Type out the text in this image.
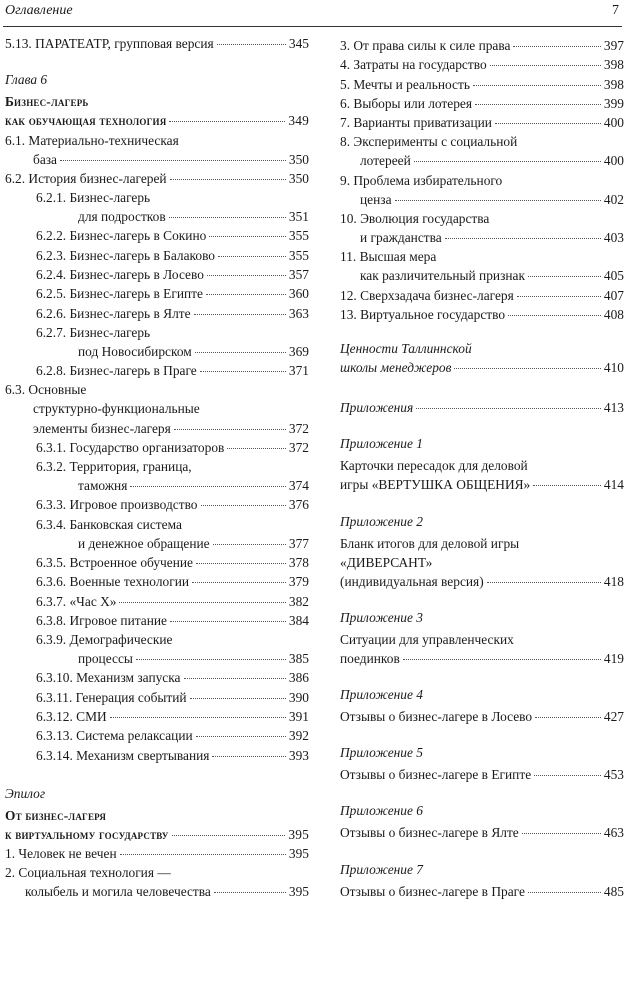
Оглавление	7
5.13. ПАРАТЕАТР, групповая версия	345
Глава 6
Бизнес-лагерь
как обучающая технология	349
6.1. Материально-техническая
база	350
6.2. История бизнес-лагерей	350
6.2.1. Бизнес-лагерь
для подростков	351
6.2.2. Бизнес-лагерь в Сокино	355
6.2.3. Бизнес-лагерь в Балаково	355
6.2.4. Бизнес-лагерь в Лосево	357
6.2.5. Бизнес-лагерь в Египте	360
6.2.6. Бизнес-лагерь в Ялте	363
6.2.7. Бизнес-лагерь
под Новосибирском	369
6.2.8. Бизнес-лагерь в Праге	371
6.3. Основные
структурно-функциональные
элементы бизнес-лагеря	372
6.3.1. Государство организаторов	372
6.3.2. Территория, граница,
таможня	374
6.3.3. Игровое производство	376
6.3.4. Банковская система
и денежное обращение	377
6.3.5. Встроенное обучение	378
6.3.6. Военные технологии	379
6.3.7. «Час X»	382
6.3.8. Игровое питание	384
6.3.9. Демографические
процессы	385
6.3.10. Механизм запуска	386
6.3.11. Генерация событий	390
6.3.12. СМИ	391
6.3.13. Система релаксации	392
6.3.14. Механизм свертывания	393
Эпилог
От бизнес-лагеря
к виртуальному государству	395
1. Человек не вечен	395
2. Социальная технология —
колыбель и могила человечества	395
3. От права силы к силе права	397
4. Затраты на государство	398
5. Мечты и реальность	398
6. Выборы или лотерея	399
7. Варианты приватизации	400
8. Эксперименты с социальной
лотереей	400
9. Проблема избирательного
ценза	402
10. Эволюция государства
и гражданства	403
11. Высшая мера
как различительный признак	405
12. Сверхзадача бизнес-лагеря	407
13. Виртуальное государство	408
Ценности Таллиннской
школы менеджеров	410
Приложения	413
Приложение 1
Карточки пересадок для деловой
игры «ВЕРТУШКА ОБЩЕНИЯ»	414
Приложение 2
Бланк итогов для деловой игры
«ДИВЕРСАНТ»
(индивидуальная версия)	418
Приложение 3
Ситуации для управленческих
поединков	419
Приложение 4
Отзывы о бизнес-лагере в Лосево	427
Приложение 5
Отзывы о бизнес-лагере в Египте	453
Приложение 6
Отзывы о бизнес-лагере в Ялте	463
Приложение 7
Отзывы о бизнес-лагере в Праге	485
